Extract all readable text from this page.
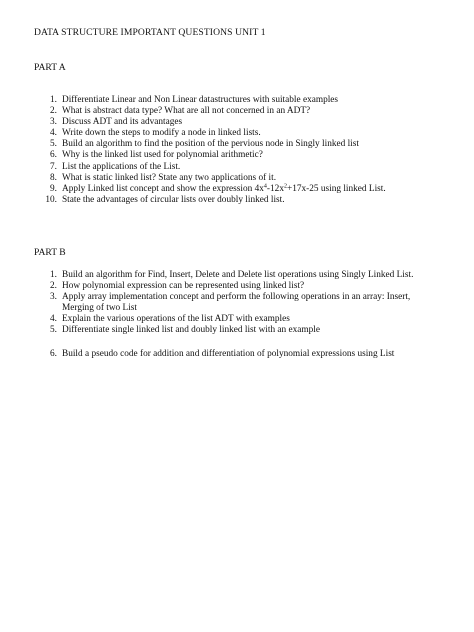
DATA STRUCTURE IMPORTANT QUESTIONS UNIT 1
PART A
1. Differentiate Linear and Non Linear datastructures with suitable examples
2. What is abstract data type? What are all not concerned in an ADT?
3. Discuss ADT and its advantages
4. Write down the steps to modify a node in linked lists.
5. Build an algorithm to find the position of the pervious node in Singly linked list
6. Why is the linked list used for polynomial arithmetic?
7. List the applications of the List.
8. What is static linked list? State any two applications of it.
9. Apply Linked list concept and show the expression $4x^4-12x^2+17x-25$ using linked List.
10. State the advantages of circular lists over doubly linked list.
PART B
1. Build an algorithm for Find, Insert, Delete and Delete list operations using Singly Linked List.
2. How polynomial expression can be represented using linked list?
3. Apply array implementation concept and perform the following operations in an array: Insert, Merging of two List
4. Explain the various operations of the list ADT with examples
5. Differentiate single linked list and doubly linked list with an example
6. Build a pseudo code for addition and differentiation of polynomial expressions using List
